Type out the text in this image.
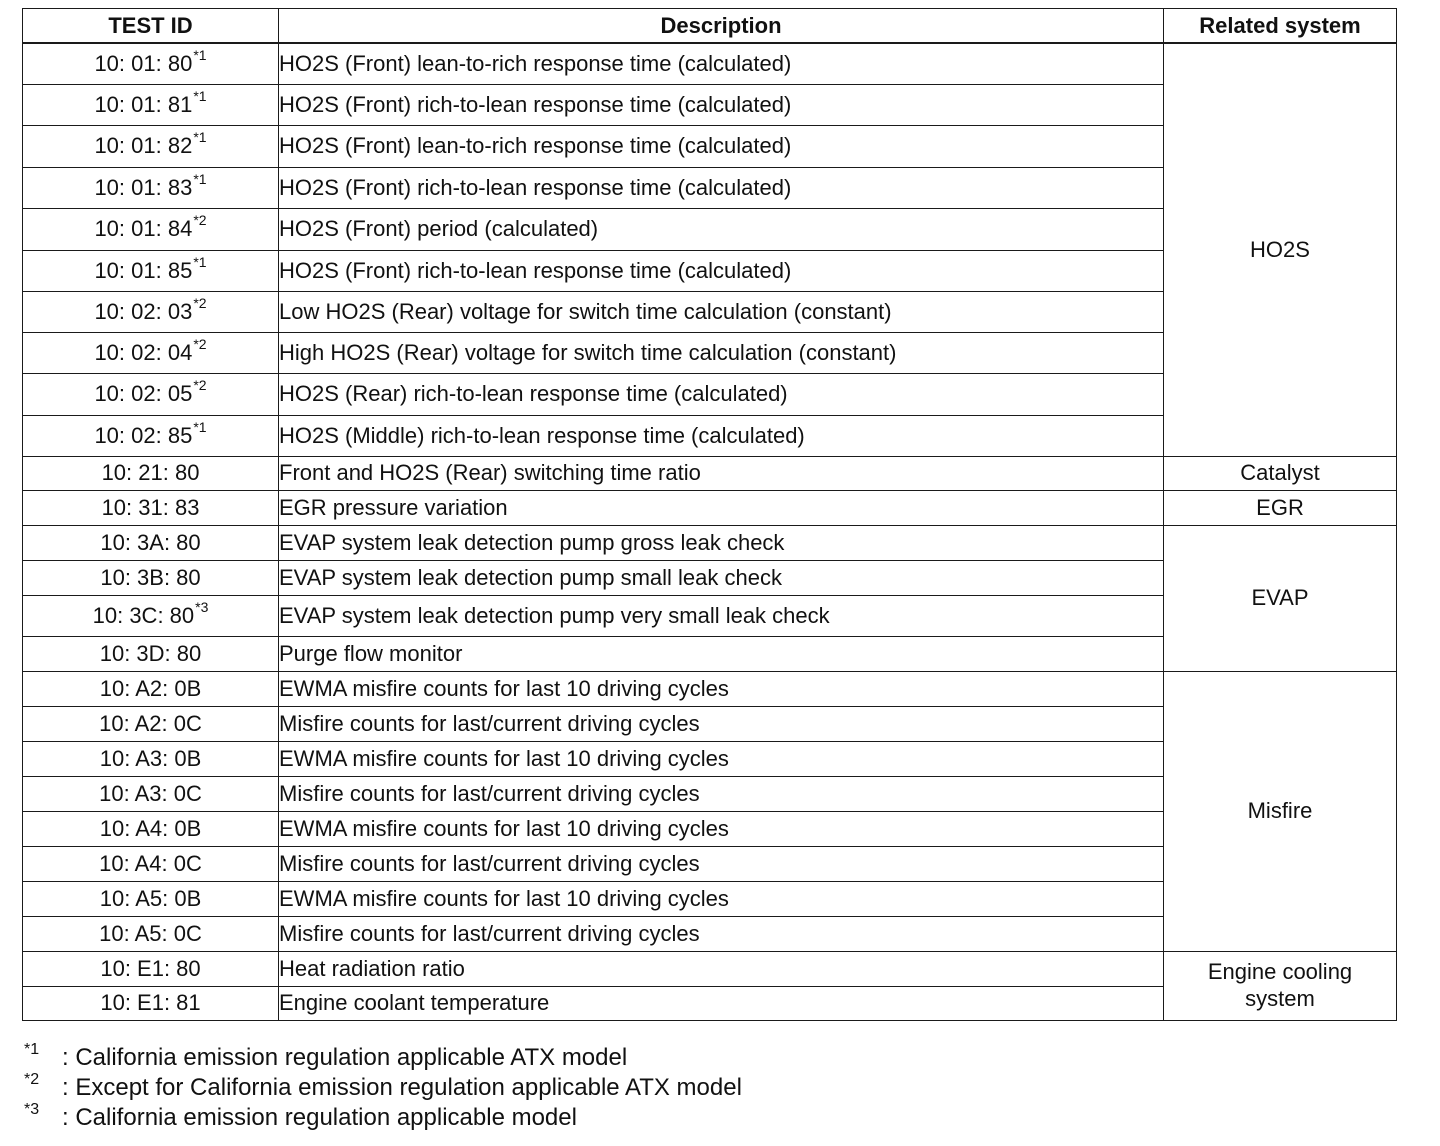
TEST ID	Description	Related system
10: 01: 80$^{*1}$	HO2S (Front) lean-to-rich response time (calculated)	HO2S
10: 01: 81$^{*1}$	HO2S (Front) rich-to-lean response time (calculated)	
10: 01: 82$^{*1}$	HO2S (Front) lean-to-rich response time (calculated)	
10: 01: 83$^{*1}$	HO2S (Front) rich-to-lean response time (calculated)	
10: 01: 84$^{*2}$	HO2S (Front) period (calculated)	
10: 01: 85$^{*1}$	HO2S (Front) rich-to-lean response time (calculated)	
10: 02: 03$^{*2}$	Low HO2S (Rear) voltage for switch time calculation (constant)	
10: 02: 04$^{*2}$	High HO2S (Rear) voltage for switch time calculation (constant)	
10: 02: 05$^{*2}$	HO2S (Rear) rich-to-lean response time (calculated)	
10: 02: 85$^{*1}$	HO2S (Middle) rich-to-lean response time (calculated)	
10: 21: 80	Front and HO2S (Rear) switching time ratio	Catalyst
10: 31: 83	EGR pressure variation	EGR
10: 3A: 80	EVAP system leak detection pump gross leak check	EVAP
10: 3B: 80	EVAP system leak detection pump small leak check	
10: 3C: 80$^{*3}$	EVAP system leak detection pump very small leak check	
10: 3D: 80	Purge flow monitor	
10: A2: 0B	EWMA misfire counts for last 10 driving cycles	Misfire
10: A2: 0C	Misfire counts for last/current driving cycles	
10: A3: 0B	EWMA misfire counts for last 10 driving cycles	
10: A3: 0C	Misfire counts for last/current driving cycles	
10: A4: 0B	EWMA misfire counts for last 10 driving cycles	
10: A4: 0C	Misfire counts for last/current driving cycles	
10: A5: 0B	EWMA misfire counts for last 10 driving cycles	
10: A5: 0C	Misfire counts for last/current driving cycles	
10: E1: 80	Heat radiation ratio	Engine cooling system
10: E1: 81	Engine coolant temperature	
*1 : California emission regulation applicable ATX model
*2 : Except for California emission regulation applicable ATX model
*3 : California emission regulation applicable model
